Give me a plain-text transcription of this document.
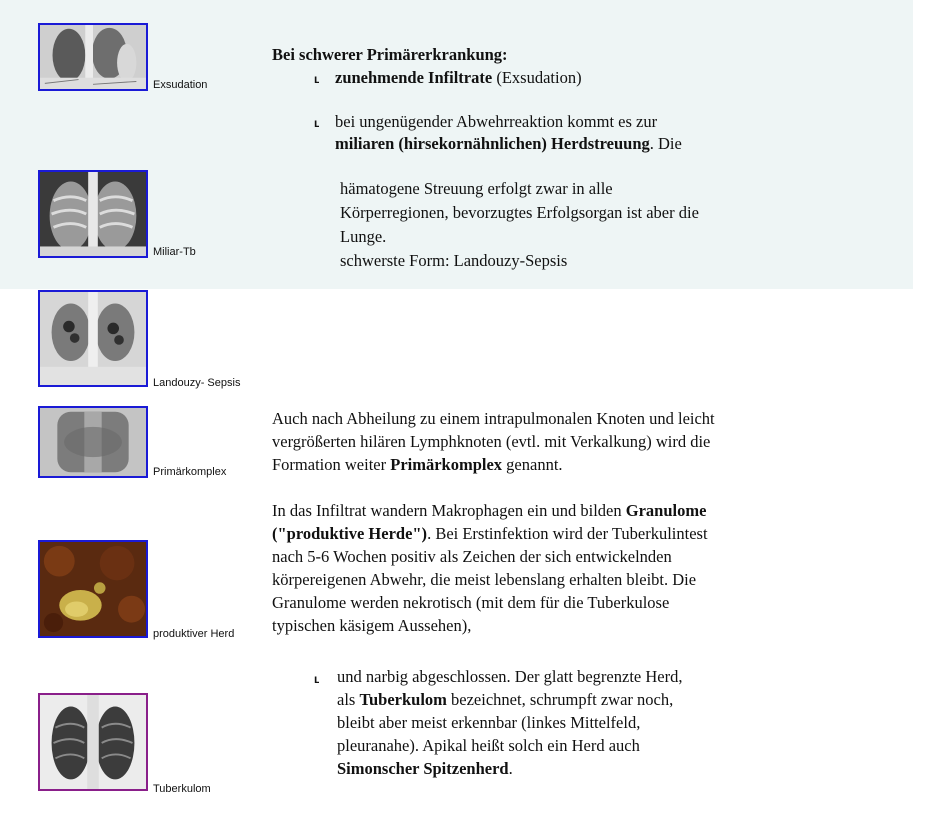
Exsudation
Miliar-Tb
Landouzy- Sepsis
Primärkomplex
produktiver Herd
Tuberkulom
Bei schwerer Primärerkrankung:
ʟ zunehmende Infiltrate (Exsudation)
ʟ bei ungenügender Abwehrreaktion kommt es zur
miliaren (hirsekornähnlichen) Herdstreuung. Die
hämatogene Streuung erfolgt zwar in alle
Körperregionen, bevorzugtes Erfolgsorgan ist aber die
Lunge.
schwerste Form: Landouzy-Sepsis
Auch nach Abheilung zu einem intrapulmonalen Knoten und leicht
vergrößerten hilären Lymphknoten (evtl. mit Verkalkung) wird die
Formation weiter Primärkomplex genannt.
In das Infiltrat wandern Makrophagen ein und bilden Granulome
("produktive Herde"). Bei Erstinfektion wird der Tuberkulintest
nach 5-6 Wochen positiv als Zeichen der sich entwickelnden
körpereigenen Abwehr, die meist lebenslang erhalten bleibt. Die
Granulome werden nekrotisch (mit dem für die Tuberkulose
typischen käsigem Aussehen),
ʟ und narbig abgeschlossen. Der glatt begrenzte Herd,
als Tuberkulom bezeichnet, schrumpft zwar noch,
bleibt aber meist erkennbar (linkes Mittelfeld,
pleuranahe). Apikal heißt solch ein Herd auch
Simonscher Spitzenherd.
